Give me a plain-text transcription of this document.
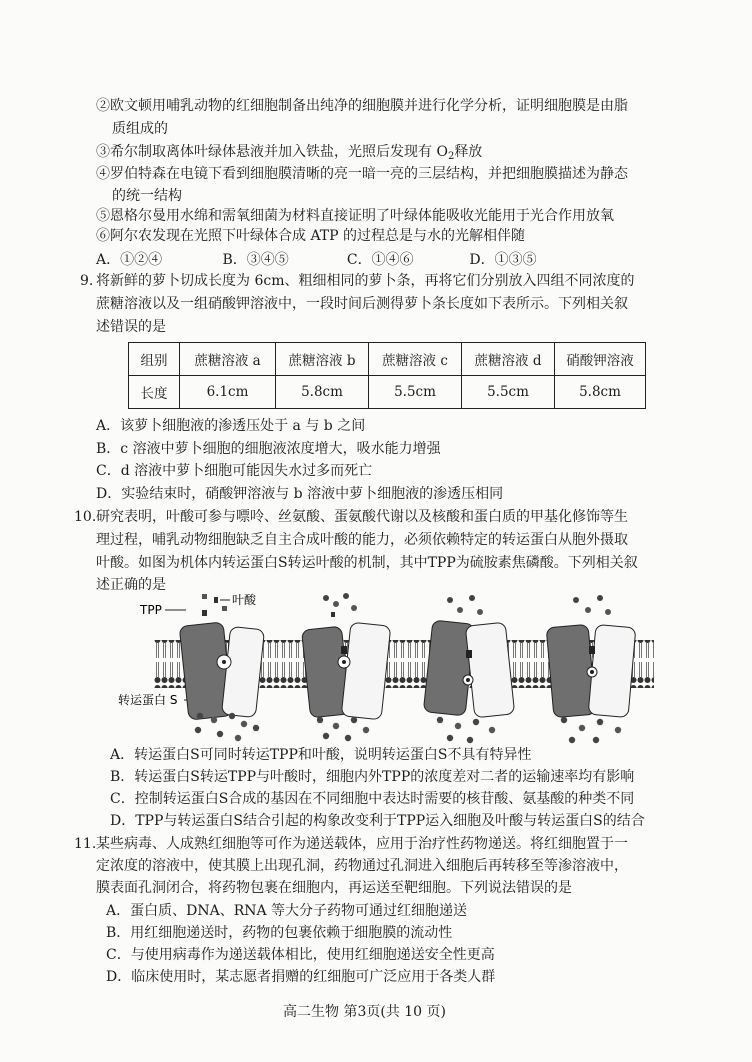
②欧文顿用哺乳动物的红细胞制备出纯净的细胞膜并进行化学分析，证明细胞膜是由脂
质组成的
③希尔制取离体叶绿体悬液并加入铁盐，光照后发现有 $O_2$释放
④罗伯特森在电镜下看到细胞膜清晰的亮一暗一亮的三层结构，并把细胞膜描述为静态
的统一结构
⑤恩格尔曼用水绵和需氧细菌为材料直接证明了叶绿体能吸收光能用于光合作用放氧
⑥阿尔农发现在光照下叶绿体合成 ATP 的过程总是与水的光解相伴随
A．①②④	B．③④⑤	C．①④⑥	D．①③⑤
9. 将新鲜的萝卜切成长度为 6cm、粗细相同的萝卜条，再将它们分别放入四组不同浓度的
蔗糖溶液以及一组硝酸钾溶液中，一段时间后测得萝卜条长度如下表所示。下列相关叙
述错误的是
组别	蔗糖溶液 a	蔗糖溶液 b	蔗糖溶液 c	蔗糖溶液 d	硝酸钾溶液
长度	6.1cm	5.8cm	5.5cm	5.5cm	5.8cm
A．该萝卜细胞液的渗透压处于 a 与 b 之间
B．c 溶液中萝卜细胞的细胞液浓度增大，吸水能力增强
C．d 溶液中萝卜细胞可能因失水过多而死亡
D．实验结束时，硝酸钾溶液与 b 溶液中萝卜细胞液的渗透压相同
10. 研究表明，叶酸可参与嘌呤、丝氨酸、蛋氨酸代谢以及核酸和蛋白质的甲基化修饰等生
理过程，哺乳动物细胞缺乏自主合成叶酸的能力，必须依赖特定的转运蛋白从胞外摄取
叶酸。如图为机体内转运蛋白S转运叶酸的机制，其中TPP为硫胺素焦磷酸。下列相关叙
述正确的是
TPP
叶酸
转运蛋白 S
A．转运蛋白S可同时转运TPP和叶酸，说明转运蛋白S不具有特异性
B．转运蛋白S转运TPP与叶酸时，细胞内外TPP的浓度差对二者的运输速率均有影响
C．控制转运蛋白S合成的基因在不同细胞中表达时需要的核苷酸、氨基酸的种类不同
D．TPP与转运蛋白S结合引起的构象改变利于TPP运入细胞及叶酸与转运蛋白S的结合
11. 某些病毒、人成熟红细胞等可作为递送载体，应用于治疗性药物递送。将红细胞置于一
定浓度的溶液中，使其膜上出现孔洞，药物通过孔洞进入细胞后再转移至等渗溶液中，
膜表面孔洞闭合，将药物包裹在细胞内，再运送至靶细胞。下列说法错误的是
A．蛋白质、DNA、RNA 等大分子药物可通过红细胞递送
B．用红细胞递送时，药物的包裹依赖于细胞膜的流动性
C．与使用病毒作为递送载体相比，使用红细胞递送安全性更高
D．临床使用时，某志愿者捐赠的红细胞可广泛应用于各类人群
高二生物 第3页(共 10 页)
